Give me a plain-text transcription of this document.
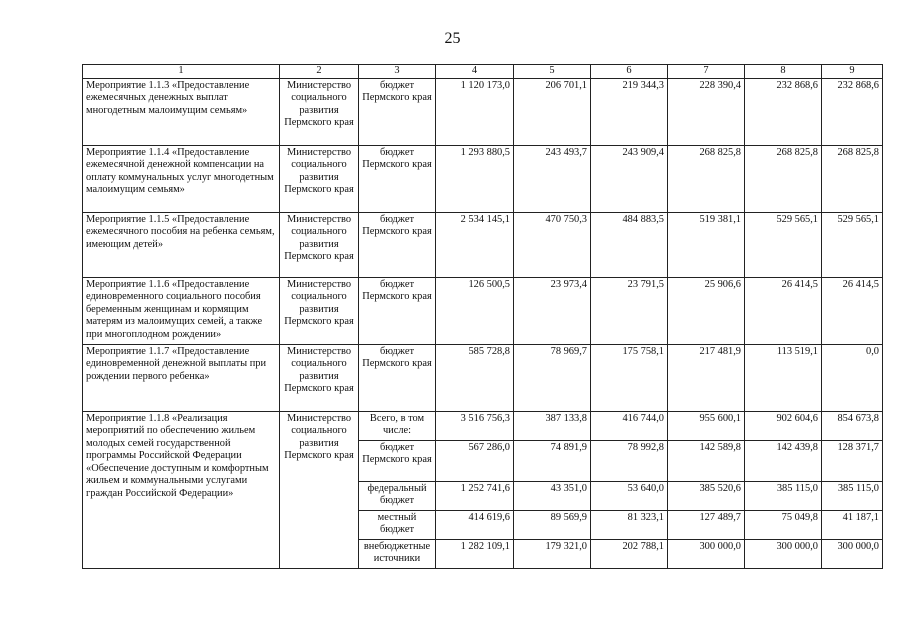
25
1	2	3	4	5	6	7	8	9
Мероприятие 1.1.3 «Предоставление ежемесячных денежных выплат многодетным малоимущим семьям»	Министерство социального развития Пермского края	бюджет Пермского края	1 120 173,0	206 701,1	219 344,3	228 390,4	232 868,6	232 868,6
Мероприятие 1.1.4 «Предоставление ежемесячной денежной компенсации на оплату коммунальных услуг многодетным малоимущим семьям»	Министерство социального развития Пермского края	бюджет Пермского края	1 293 880,5	243 493,7	243 909,4	268 825,8	268 825,8	268 825,8
Мероприятие 1.1.5 «Предоставление ежемесячного пособия на ребенка семьям, имеющим детей»	Министерство социального развития Пермского края	бюджет Пермского края	2 534 145,1	470 750,3	484 883,5	519 381,1	529 565,1	529 565,1
Мероприятие 1.1.6 «Предоставление единовременного социального пособия беременным женщинам и кормящим матерям из малоимущих семей, а также при многоплодном рождении»	Министерство социального развития Пермского края	бюджет Пермского края	126 500,5	23 973,4	23 791,5	25 906,6	26 414,5	26 414,5
Мероприятие 1.1.7 «Предоставление единовременной денежной выплаты при рождении первого ребенка»	Министерство социального развития Пермского края	бюджет Пермского края	585 728,8	78 969,7	175 758,1	217 481,9	113 519,1	0,0
Мероприятие 1.1.8 «Реализация мероприятий по обеспечению жильем молодых семей государственной программы Российской Федерации «Обеспечение доступным и комфортным жильем и коммунальными услугами граждан Российской Федерации»	Министерство социального развития Пермского края	Всего, в том числе:	3 516 756,3	387 133,8	416 744,0	955 600,1	902 604,6	854 673,8
		бюджет Пермского края	567 286,0	74 891,9	78 992,8	142 589,8	142 439,8	128 371,7
		федеральный бюджет	1 252 741,6	43 351,0	53 640,0	385 520,6	385 115,0	385 115,0
		местный бюджет	414 619,6	89 569,9	81 323,1	127 489,7	75 049,8	41 187,1
		внебюджетные источники	1 282 109,1	179 321,0	202 788,1	300 000,0	300 000,0	300 000,0
